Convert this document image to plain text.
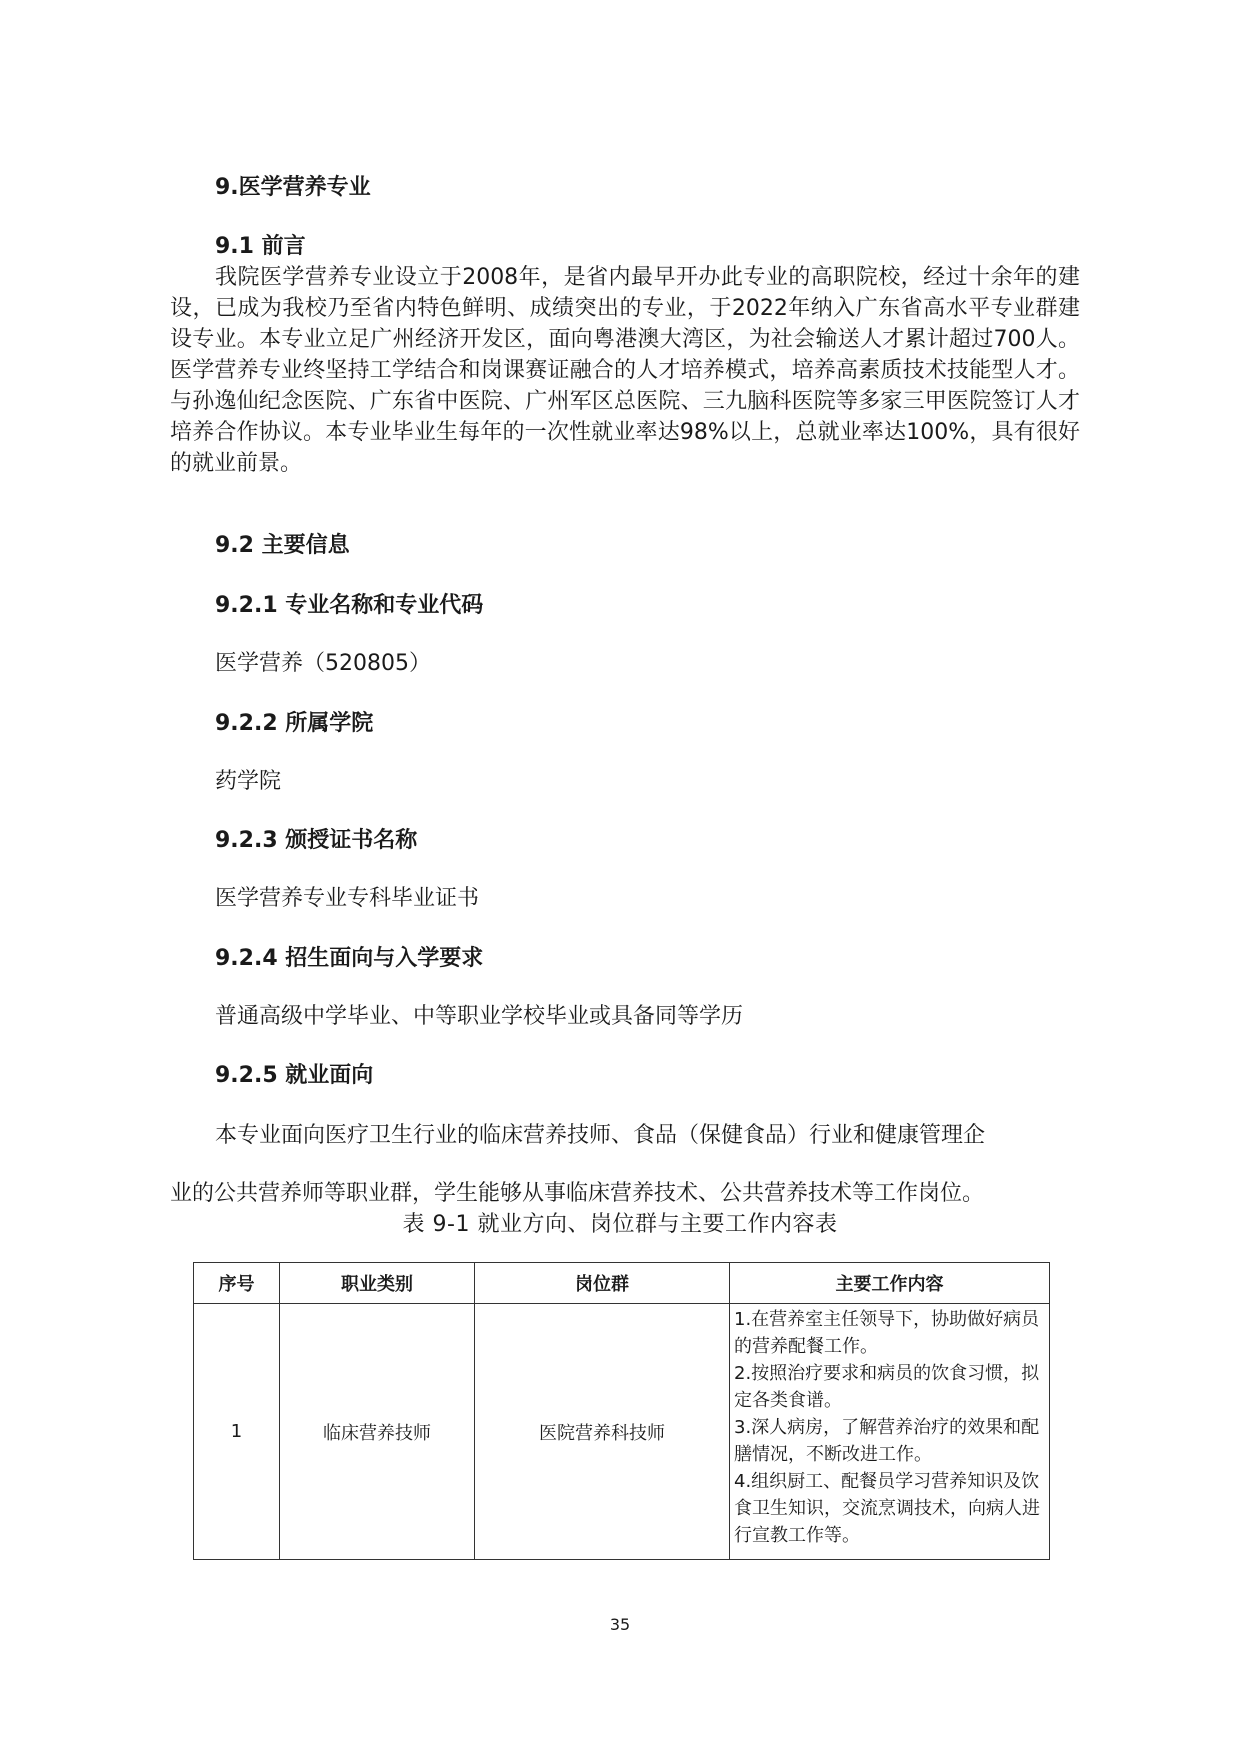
9.医学营养专业
9.1 前言

我院医学营养专业设立于2008年，是省内最早开办此专业的高职院校，经过十余年的建设，已成为我校乃至省内特色鲜明、成绩突出的专业，于2022年纳入广东省高水平专业群建设专业。本专业立足广州经济开发区，面向粤港澳大湾区，为社会输送人才累计超过700人。医学营养专业终坚持工学结合和岗课赛证融合的人才培养模式，培养高素质技术技能型人才。与孙逸仙纪念医院、广东省中医院、广州军区总医院、三九脑科医院等多家三甲医院签订人才培养合作协议。本专业毕业生每年的一次性就业率达98%以上，总就业率达100%，具有很好的就业前景。

9.2 主要信息
9.2.1 专业名称和专业代码
医学营养（520805）
9.2.2 所属学院
药学院
9.2.3 颁授证书名称
医学营养专业专科毕业证书
9.2.4 招生面向与入学要求
普通高级中学毕业、中等职业学校毕业或具备同等学历
9.2.5 就业面向
本专业面向医疗卫生行业的临床营养技师、食品（保健食品）行业和健康管理企
业的公共营养师等职业群，学生能够从事临床营养技术、公共营养技术等工作岗位。
表 9-1 就业方向、岗位群与主要工作内容表
序号	职业类别	岗位群	主要工作内容
1	临床营养技师	医院营养科技师	1.在营养室主任领导下，协助做好病员的营养配餐工作。
2.按照治疗要求和病员的饮食习惯，拟定各类食谱。
3.深人病房，了解营养治疗的效果和配膳情况，不断改进工作。
4.组织厨工、配餐员学习营养知识及饮食卫生知识，交流烹调技术，向病人进行宣教工作等。
35
